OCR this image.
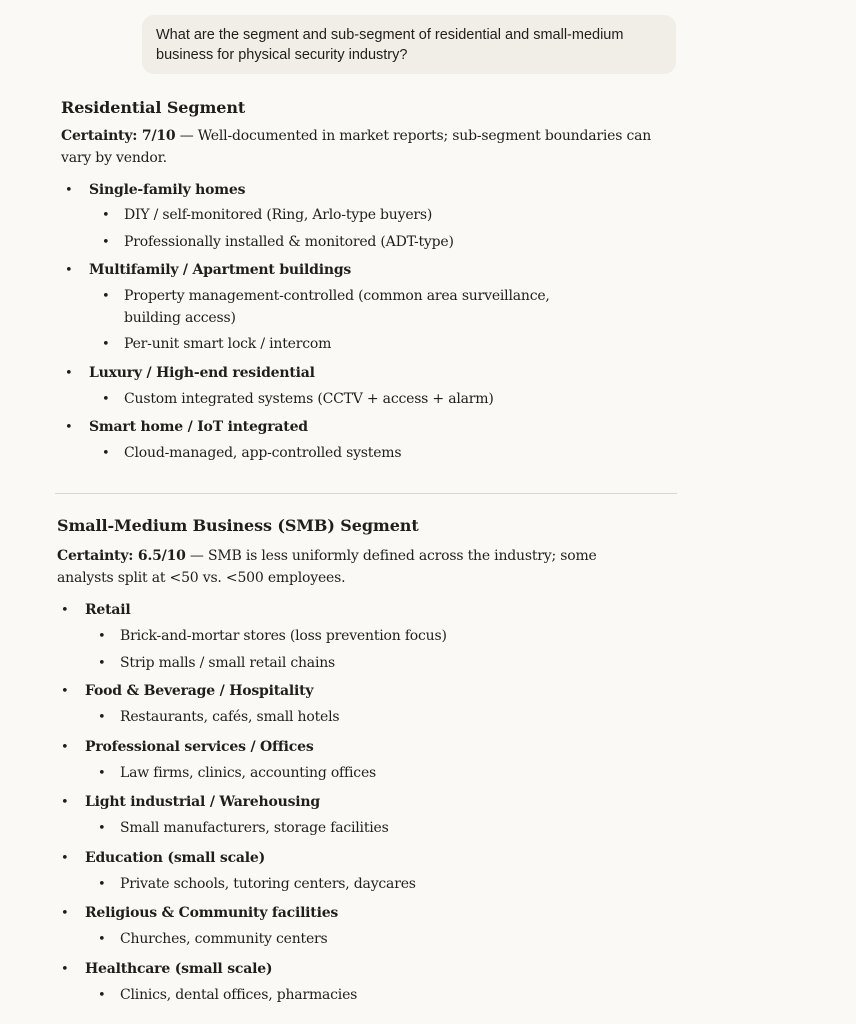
What are the segment and sub-segment of residential and small-medium business for physical security industry?
Residential Segment

Certainty: 7/10 — Well-documented in market reports; sub-segment boundaries can vary by vendor.

• Single-family homes
• DIY / self-monitored (Ring, Arlo-type buyers)
• Professionally installed & monitored (ADT-type)
• Multifamily / Apartment buildings
• Property management-controlled (common area surveillance, building access)
• Per-unit smart lock / intercom
• Luxury / High-end residential
• Custom integrated systems (CCTV + access + alarm)
• Smart home / IoT integrated
• Cloud-managed, app-controlled systems
Small-Medium Business (SMB) Segment

Certainty: 6.5/10 — SMB is less uniformly defined across the industry; some analysts split at <50 vs. <500 employees.

• Retail
• Brick-and-mortar stores (loss prevention focus)
• Strip malls / small retail chains
• Food & Beverage / Hospitality
• Restaurants, cafés, small hotels
• Professional services / Offices
• Law firms, clinics, accounting offices
• Light industrial / Warehousing
• Small manufacturers, storage facilities
• Education (small scale)
• Private schools, tutoring centers, daycares
• Religious & Community facilities
• Churches, community centers
• Healthcare (small scale)
• Clinics, dental offices, pharmacies
